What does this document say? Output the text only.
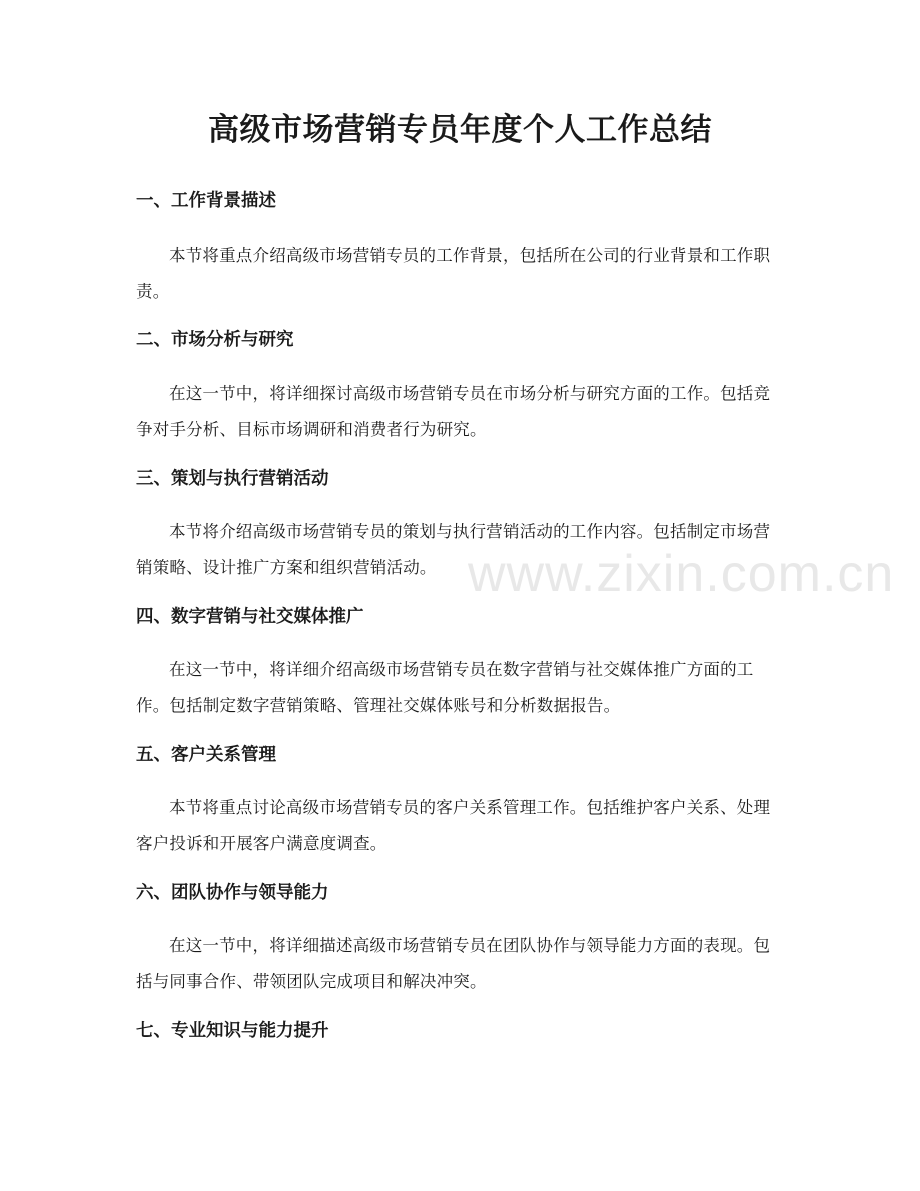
高级市场营销专员年度个人工作总结
一、工作背景描述

本节将重点介绍高级市场营销专员的工作背景，包括所在公司的行业背景和工作职责。

二、市场分析与研究

在这一节中，将详细探讨高级市场营销专员在市场分析与研究方面的工作。包括竞争对手分析、目标市场调研和消费者行为研究。

三、策划与执行营销活动

本节将介绍高级市场营销专员的策划与执行营销活动的工作内容。包括制定市场营销策略、设计推广方案和组织营销活动。 www.zixin.com.cn
四、数字营销与社交媒体推广

在这一节中，将详细介绍高级市场营销专员在数字营销与社交媒体推广方面的工作。包括制定数字营销策略、管理社交媒体账号和分析数据报告。

五、客户关系管理

本节将重点讨论高级市场营销专员的客户关系管理工作。包括维护客户关系、处理客户投诉和开展客户满意度调查。

六、团队协作与领导能力

在这一节中，将详细描述高级市场营销专员在团队协作与领导能力方面的表现。包括与同事合作、带领团队完成项目和解决冲突。

七、专业知识与能力提升
